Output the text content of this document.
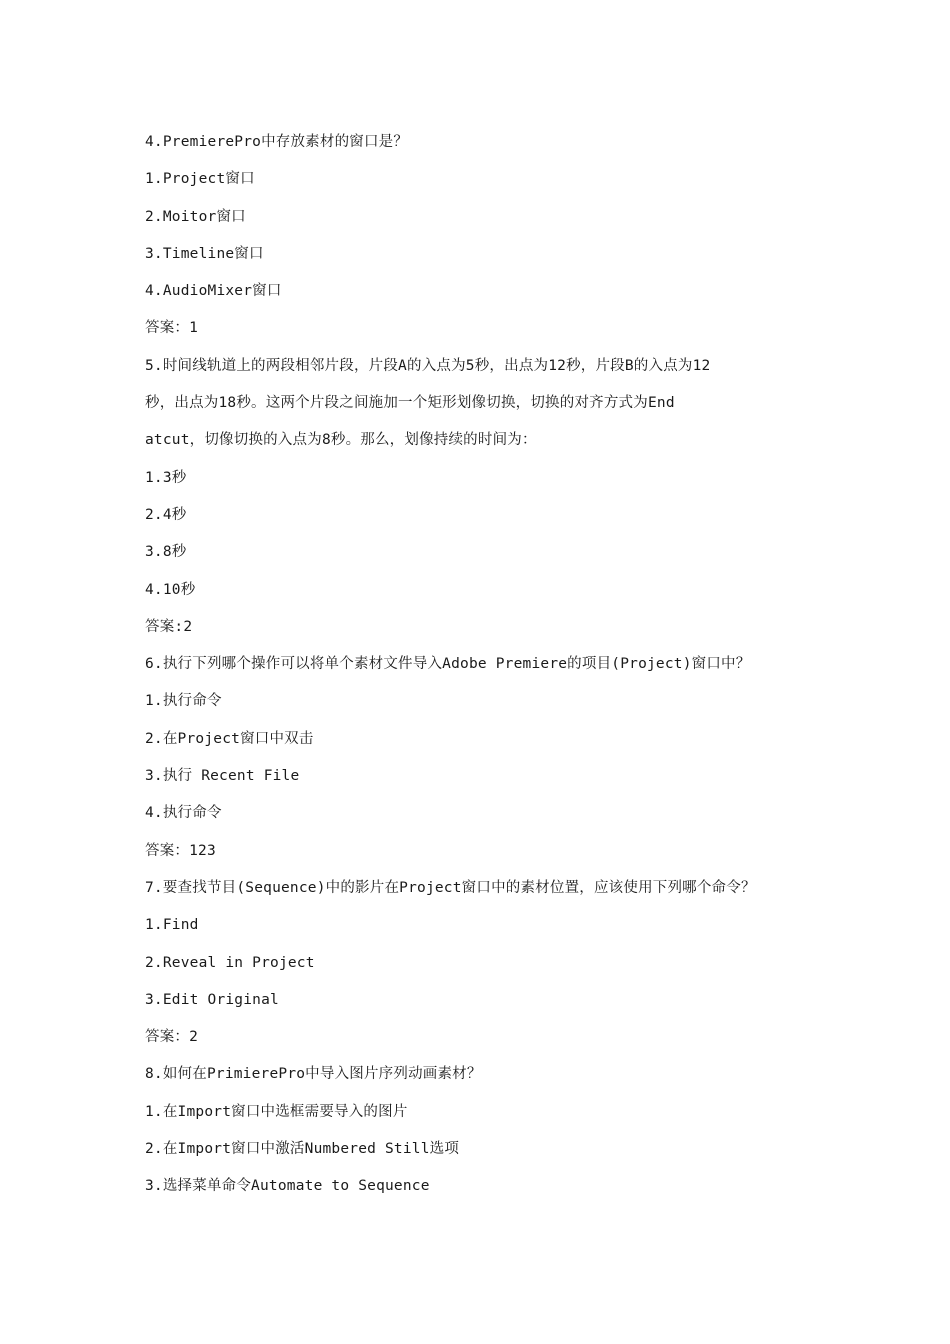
4.PremierePro中存放素材的窗口是？
1.Project窗口
2.Moitor窗口
3.Timeline窗口
4.AudioMixer窗口
答案：1
5.时间线轨道上的两段相邻片段，片段A的入点为5秒，出点为12秒，片段B的入点为12
秒，出点为18秒。这两个片段之间施加一个矩形划像切换，切换的对齐方式为End
atcut，切像切换的入点为8秒。那么，划像持续的时间为：
1.3秒
2.4秒
3.8秒
4.10秒
答案:2
6.执行下列哪个操作可以将单个素材文件导入Adobe Premiere的项目(Project)窗口中？
1.执行命令
2.在Project窗口中双击
3.执行 Recent File
4.执行命令
答案：123
7.要查找节目(Sequence)中的影片在Project窗口中的素材位置，应该使用下列哪个命令？
1.Find
2.Reveal in Project
3.Edit Original
答案：2
8.如何在PrimierePro中导入图片序列动画素材？
1.在Import窗口中选框需要导入的图片
2.在Import窗口中激活Numbered Still选项
3.选择菜单命令Automate to Sequence
